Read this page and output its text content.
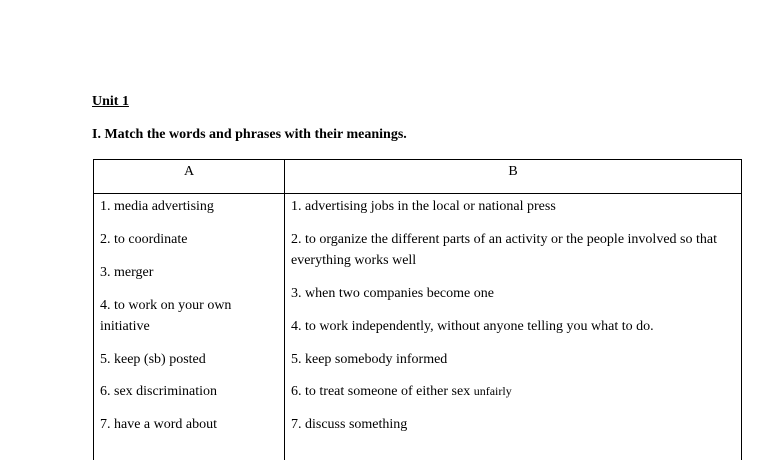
Unit 1

I. Match the words and phrases with their meanings.

A	B
1. media advertising
2. to coordinate
3. merger
4. to work on your own initiative
5. keep (sb) posted
6. sex discrimination
7. have a word about
1. advertising jobs in the local or national press
2. to organize the different parts of an activity or the people involved so that everything works well
3. when two companies become one
4. to work independently, without anyone telling you what to do.
5. keep somebody informed
6. to treat someone of either sex unfairly
7. discuss something
